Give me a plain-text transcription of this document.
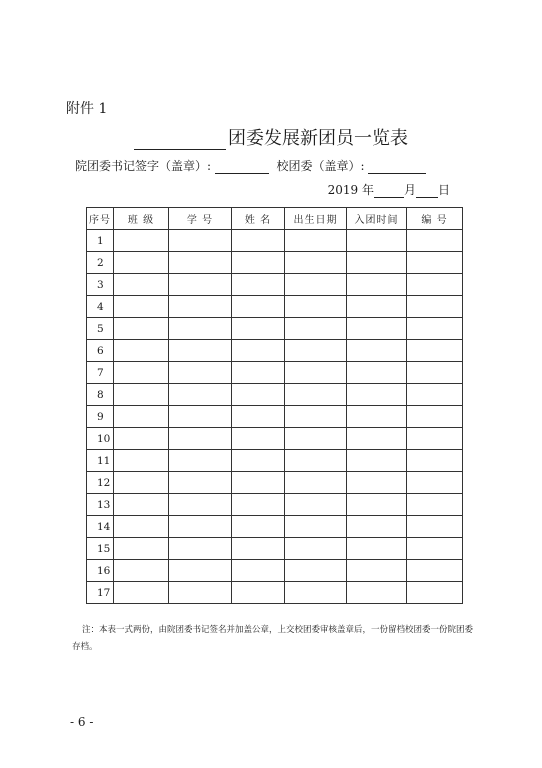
附件 1
团委发展新团员一览表
院团委书记签字（盖章）:	校团委（盖章）:
2019 年	月 日
序号	班 级	学 号	姓 名	出生日期	入团时间	编 号
1						
2						
3						
4						
5						
6						
7						
8						
9						
10						
11						
12						
13						
14						
15						
16						
17						
注：本表一式两份，由院团委书记签名并加盖公章，上交校团委审核盖章后，一份留档校团委一份院团委存档。
- 6 -
